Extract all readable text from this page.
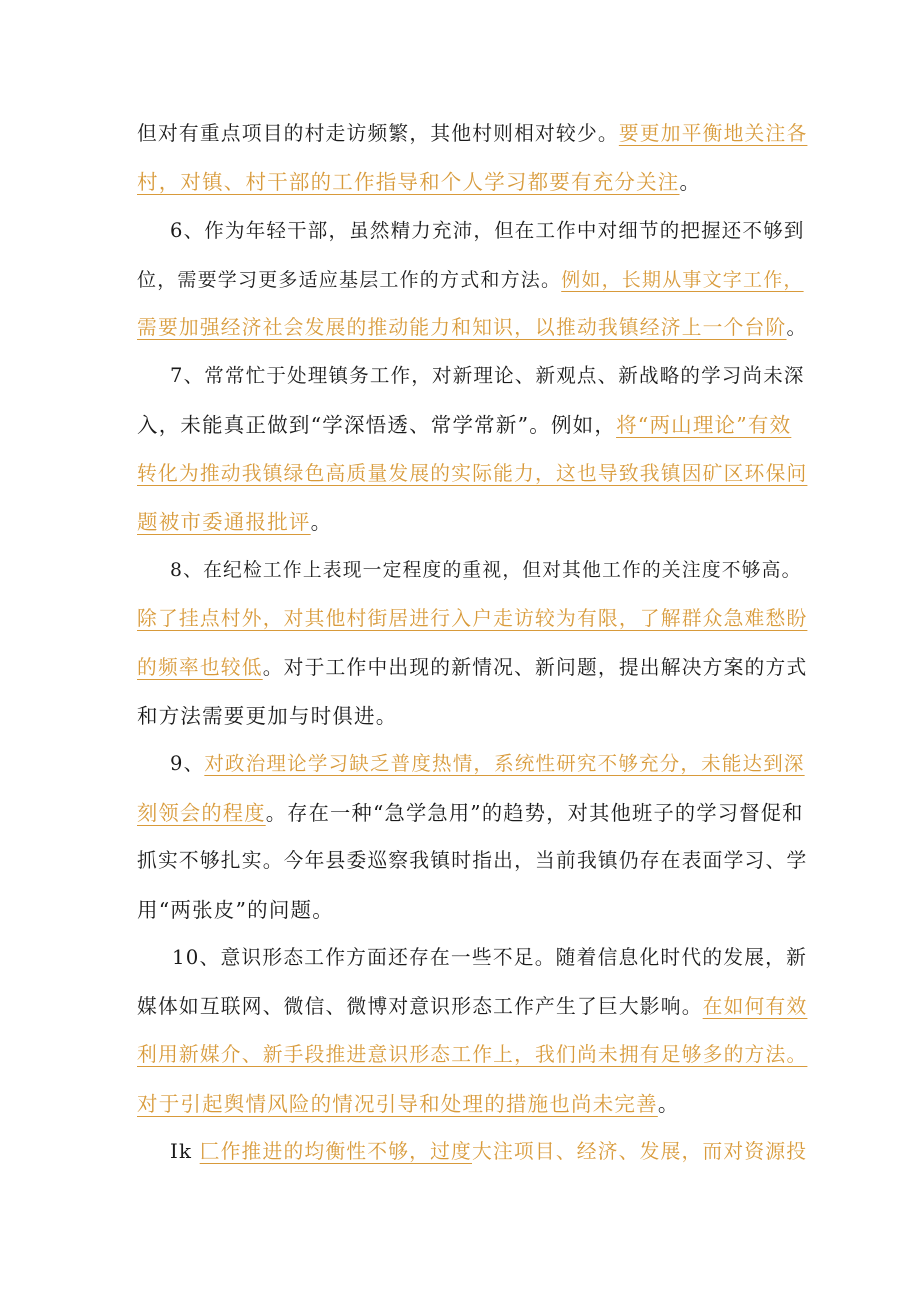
但对有重点项目的村走访频繁，其他村则相对较少。要更加平衡地关注各
村，对镇、村干部的工作指导和个人学习都要有充分关注。
6、作为年轻干部，虽然精力充沛，但在工作中对细节的把握还不够到
位，需要学习更多适应基层工作的方式和方法。例如，长期从事文字工作，
需要加强经济社会发展的推动能力和知识，以推动我镇经济上一个台阶。
7、常常忙于处理镇务工作，对新理论、新观点、新战略的学习尚未深
入，未能真正做到“学深悟透、常学常新”。例如，将“两山理论”有效
转化为推动我镇绿色高质量发展的实际能力，这也导致我镇因矿区环保问
题被市委通报批评。
8、在纪检工作上表现一定程度的重视，但对其他工作的关注度不够高。
除了挂点村外，对其他村街居进行入户走访较为有限，了解群众急难愁盼
的频率也较低。对于工作中出现的新情况、新问题，提出解决方案的方式
和方法需要更加与时俱进。
9、对政治理论学习缺乏普度热情，系统性研究不够充分，未能达到深
刻领会的程度。存在一种“急学急用”的趋势，对其他班子的学习督促和
抓实不够扎实。今年县委巡察我镇时指出，当前我镇仍存在表面学习、学
用“两张皮”的问题。
10、意识形态工作方面还存在一些不足。随着信息化时代的发展，新
媒体如互联网、微信、微博对意识形态工作产生了巨大影响。在如何有效
利用新媒介、新手段推进意识形态工作上，我们尚未拥有足够多的方法。
对于引起舆情风险的情况引导和处理的措施也尚未完善。
Ik 匚作推进的均衡性不够，过度大注项目、经济、发展，而对资源投
